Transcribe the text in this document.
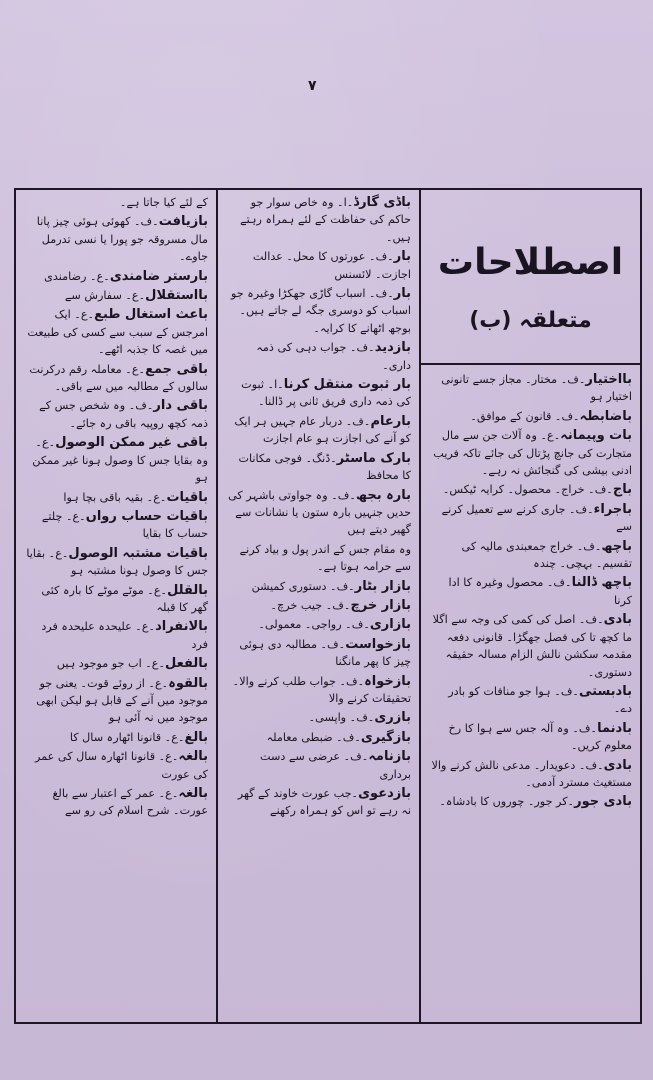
۷
اصطلاحات
متعلقہ (ب)
بااختیار۔ف۔ مختار۔ مجاز جسے تانونی اختیار ہو
باضابطہ۔ف۔ قانون کے موافق۔
بات وپیمانہ۔ع۔ وہ آلات جن سے مال متجارت کی جانچ پڑتال کی جائے تاکہ فریب ادنی بیشی کی گنجائش نہ رہے۔
باج۔ف۔ خراج۔ محصول۔ کرایہ ٹیکس۔
باجراء۔ف۔ جاری کرنے سے تعمیل کرنے سے
باچھ۔ف۔ خراج جمعبندی مالیہ کی تقسیم۔ بہچی۔ چندہ
باچھ ڈالنا۔ف۔ محصول وغیرہ کا ادا کرنا
بادی۔ف۔ اصل کی کمی کی وجہ سے اگلا ما کچھ تا کی فصل جھگڑا۔ قانونی دفعہ مقدمہ سکشن نالش الزام مسالہ حقیقہ دستوری۔
بادبستی۔ف۔ ہوا جو منافات کو بادر دے۔
بادنما۔ف۔ وہ آلہ جس سے ہوا کا رخ معلوم کریں۔
بادی۔ف۔ دعویدار۔ مدعی نالش کرنے والا مستغیث مسترد آدمی۔
بادی جور۔کر جور۔ چوروں کا بادشاہ۔
باڈی گارڈ۔ا۔ وہ خاص سوار جو حاکم کی حفاظت کے لئے ہمراہ رہتے ہیں۔
بار۔ف۔ عورتوں کا محل۔ عدالت اجازت۔ لائسنس
بار۔ف۔ اسباب گاڑی جھکڑا وغیرہ جو اسباب کو دوسری جگہ لے جاتے ہیں۔ بوجھ اٹھانے کا کرایہ۔
بازدید۔ف۔ جواب دہی کی ذمہ داری۔
بار ثبوت منتقل کرنا۔ا۔ ثبوت کی ذمہ داری فریق ثانی پر ڈالنا۔
بارعام۔ف۔ دربار عام جہیں ہر ایک کو آنے کی اجازت ہو عام اجازت
بارک ماسٹر۔ڈنگ۔ فوجی مکانات کا محافظ
بارہ بجھ۔ف۔ وہ جواوتی باشہر کی حدیں جنہیں بارہ ستون یا نشانات سے گھیر دیتے ہیں
وہ مقام جس کے اندر پول و بیاد کرنے سے حرامہ ہوتا ہے۔
بازار بٹار۔ف۔ دستوری کمیشن
بازار خرچ۔ف۔ جیب خرچ۔
بازاری۔ف۔ رواجی۔ معمولی۔
بازخواست۔ف۔ مطالبہ دی ہوئی چیز کا پھر مانگنا
بازخواہ۔ف۔ جواب طلب کرنے والا۔ تحقیقات کرنے والا
بازری۔ف۔ واپسی۔
بازگیری۔ف۔ ضبطی معاملہ
بازنامہ۔ف۔ عرضی سے دست برداری
بازدعوی۔جب عورت خاوند کے گھر نہ رہے تو اس کو ہمراہ رکھنے
کے لئے کیا جاتا ہے۔
بازیافت۔ف۔ کھوئی ہوئی چیز پانا مال مسروقہ جو پورا یا نسی تدرمل جاوے۔
بارستر ضامندی۔ع۔ رضامندی
بااستقلال۔ع۔ سفارش سے
باعث استغال طبع۔ع۔ ایک امرجس کے سبب سے کسی کی طبیعت میں غصہ کا جذبہ اٹھے۔
باقی جمع۔ع۔ معاملہ رقم درکرنت سالوں کے مطالبہ میں سے باقی۔
باقی دار۔ف۔ وہ شخص جس کے ذمہ کچھ روپیہ باقی رہ جائے۔
باقی غیر ممکن الوصول۔ع۔ وہ بقایا جس کا وصول ہونا غیر ممکن ہو
باقیات۔ع۔ بقیہ باقی بچا ہوا
باقیات حساب رواں۔ع۔ چلتے حساب کا بقایا
باقیات مشتبہ الوصول۔ع۔ بقایا جس کا وصول ہونا مشتبہ ہو
بالقلل۔ع۔ موٹے موٹے کا بارہ کئی گھر کا قبلہ
بالانفراد۔ع۔ علیحدہ علیحدہ فرد فرد
بالفعل۔ع۔ اب جو موجود ہیں
بالقوہ۔ع۔ از روئے قوت۔ یعنی جو موجود میں آنے کے قابل ہو لیکن ابھی موجود میں نہ آئی ہو
بالغ۔ع۔ قانونا اٹھارہ سال کا
بالغہ۔ع۔ قانونا اٹھارہ سال کی عمر کی عورت
بالغہ۔ع۔ عمر کے اعتبار سے بالغ عورت۔ شرح اسلام کی رو سے
